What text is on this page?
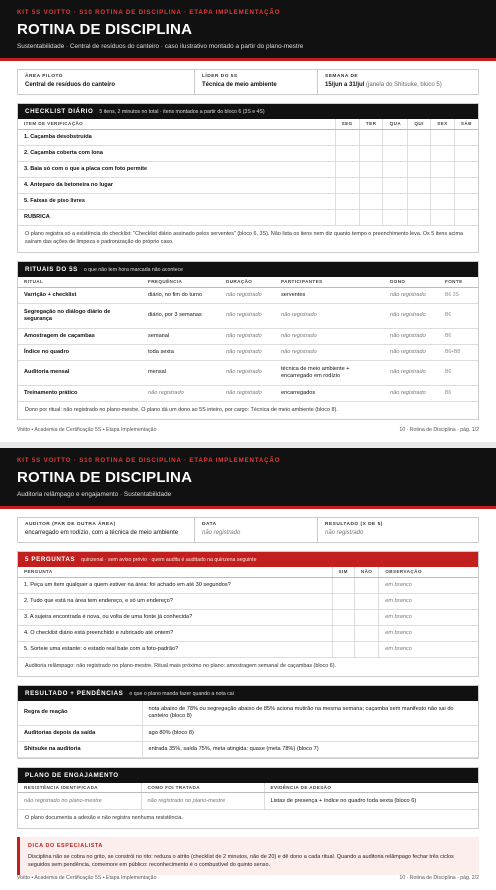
KIT 5S VOITTO · S10 ROTINA DE DISCIPLINA · ETAPA IMPLEMENTAÇÃO
ROTINA DE DISCIPLINA
Sustentabilidade · Central de resíduos do canteiro · caso ilustrativo montado a partir do plano-mestre
ÁREA PILOTO
Central de resíduos do canteiro
LÍDER DO 5S
Técnica de meio ambiente
SEMANA DE
15/jun a 31/jul (janela do Shitsuke, bloco 5)
CHECKLIST DIÁRIO 5 itens, 2 minutos no total · itens montados a partir do bloco 6 (3S e 4S)
ITEM DE VERIFICAÇÃO	SEG	TER	QUA	QUI	SEX	SÁB
1. Caçamba desobstruída						
2. Caçamba coberta com lona						
3. Baia só com o que a placa com foto permite						
4. Anteparo da betoneira no lugar						
5. Faixas de piso livres						
RUBRICA						
O plano registra só a existência do checklist: "Checklist diário assinado pelos serventes" (bloco 6, 3S). Não lista os itens nem diz quanto tempo o preenchimento leva. Os 5 itens acima saíram das ações de limpeza e padronização do próprio caso.
RITUAIS DO 5S o que não tem hora marcada não acontece
RITUAL	FREQUÊNCIA	DURAÇÃO	PARTICIPANTES	DONO	FONTE
Varrição + checklist	diário, no fim do turno	não registrado	serventes	não registrado	B6·3S
Segregação no diálogo diário de segurança	diário, por 3 semanas	não registrado	não registrado	não registrado	B6
Amostragem de caçambas	semanal	não registrado	não registrado	não registrado	B6
Índice no quadro	toda sexta	não registrado	não registrado	não registrado	B6+B8
Auditoria mensal	mensal	não registrado	técnica de meio ambiente + encarregado em rodízio	não registrado	B6
Treinamento prático	não registrado	não registrado	encarregados	não registrado	B6
Dono por ritual: não registrado no plano-mestre. O plano dá um dono ao 5S inteiro, por cargo: Técnica de meio ambiente (bloco 8).
Voitto • Academia de Certificação 5S • Etapa Implementação	10 · Rotina de Disciplina · pág. 1/2
KIT 5S VOITTO · S10 ROTINA DE DISCIPLINA · ETAPA IMPLEMENTAÇÃO
ROTINA DE DISCIPLINA
Auditoria relâmpago e engajamento · Sustentabilidade
AUDITOR (PAR DE OUTRA ÁREA)
encarregado em rodízio, com a técnica de meio ambiente
DATA
não registrado
RESULTADO (X DE 5)
não registrado
5 PERGUNTAS quinzenal · sem aviso prévio · quem audita é auditado na quinzena seguinte
PERGUNTA	SIM	NÃO	OBSERVAÇÃO
1. Peça um item qualquer a quem estiver na área: foi achado em até 30 segundos?			em branco
2. Tudo que está na área tem endereço, e só um endereço?			em branco
3. A sujeira encontrada é nova, ou volta de uma fonte já conhecida?			em branco
4. O checklist diário está preenchido e rubricado até ontem?			em branco
5. Sorteie uma estante: o estado real bate com a foto-padrão?			em branco
Auditoria relâmpago: não registrado no plano-mestre. Ritual mais próximo no plano: amostragem semanal de caçambas (bloco 6).
RESULTADO + PENDÊNCIAS o que o plano manda fazer quando a nota cai
Regra de reação	nota abaixo de 78% ou segregação abaixo de 85% aciona mutirão na mesma semana; caçamba sem manifesto não sai do canteiro (bloco 8)
Auditorias depois da saída	ago 80% (bloco 8)
Shitsuke na auditoria	entrada 35%, saída 75%, meta atingida: quase (meta 78%) (bloco 7)
PLANO DE ENGAJAMENTO
RESISTÊNCIA IDENTIFICADA	COMO FOI TRATADA	EVIDÊNCIA DE ADESÃO
não registrado no plano-mestre	não registrado no plano-mestre	Listas de presença + índice no quadro toda sexta (bloco 6)
O plano documenta a adesão e não registra nenhuma resistência.
DICA DO ESPECIALISTA
Disciplina não se cobra no grito, se constrói no rito: reduza o atrito (checklist de 2 minutos, não de 20) e dê dono a cada ritual. Quando a auditoria relâmpago fechar três ciclos seguidos sem pendência, comemore em público: reconhecimento é o combustível do quinto senso.
Voitto • Academia de Certificação 5S • Etapa Implementação	10 · Rotina de Disciplina · pág. 2/2
